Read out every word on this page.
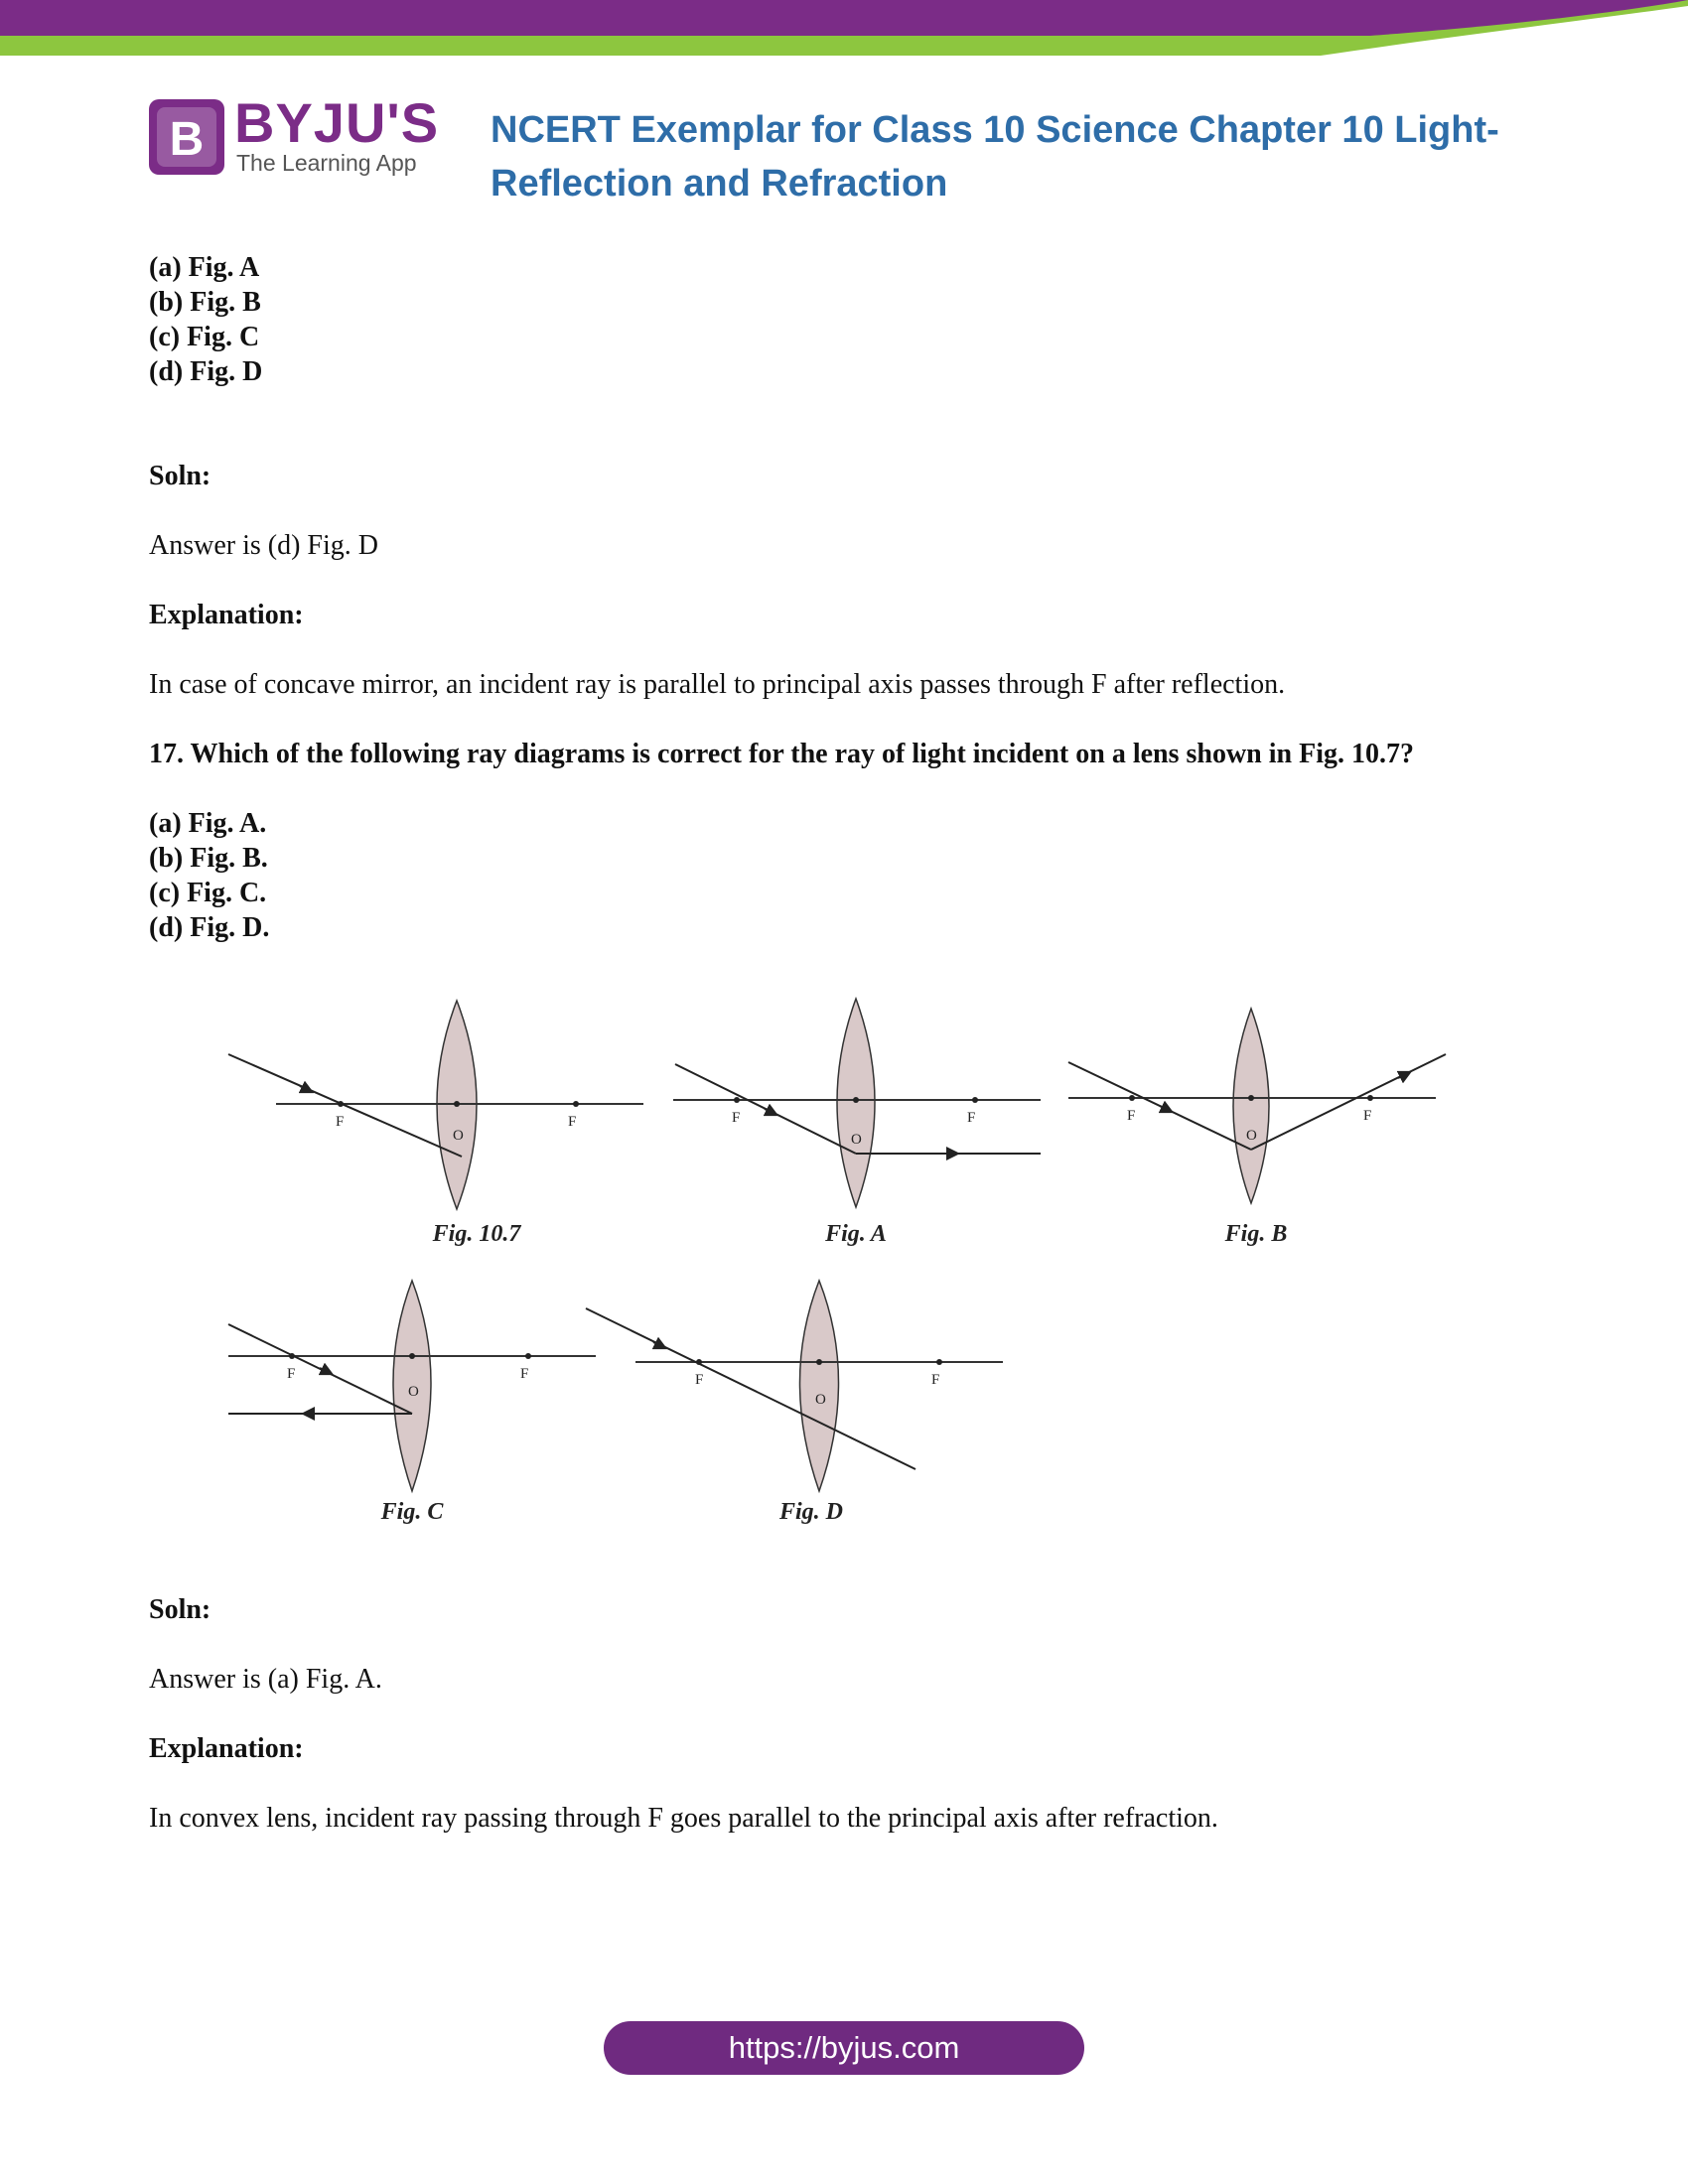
B BYJU'S
The Learning App
NCERT Exemplar for Class 10 Science Chapter 10 Light-
Reflection and Refraction
(a) Fig. A
(b) Fig. B
(c) Fig. C
(d) Fig. D
Soln:
Answer is (d) Fig. D
Explanation:
In case of concave mirror, an incident ray is parallel to principal axis passes through F after reflection.
17. Which of the following ray diagrams is correct for the ray of light incident on a lens shown in Fig. 10.7?
(a) Fig. A.
(b) Fig. B.
(c) Fig. C.
(d) Fig. D.
F	F
O
Fig. 10.7
F	F
O
Fig. A
F	F
O
Fig. B
F	F
O
Fig. C
F	F
O
Fig. D
Soln:
Answer is (a) Fig. A.
Explanation:
In convex lens, incident ray passing through F goes parallel to the principal axis after refraction.
https://byjus.com
